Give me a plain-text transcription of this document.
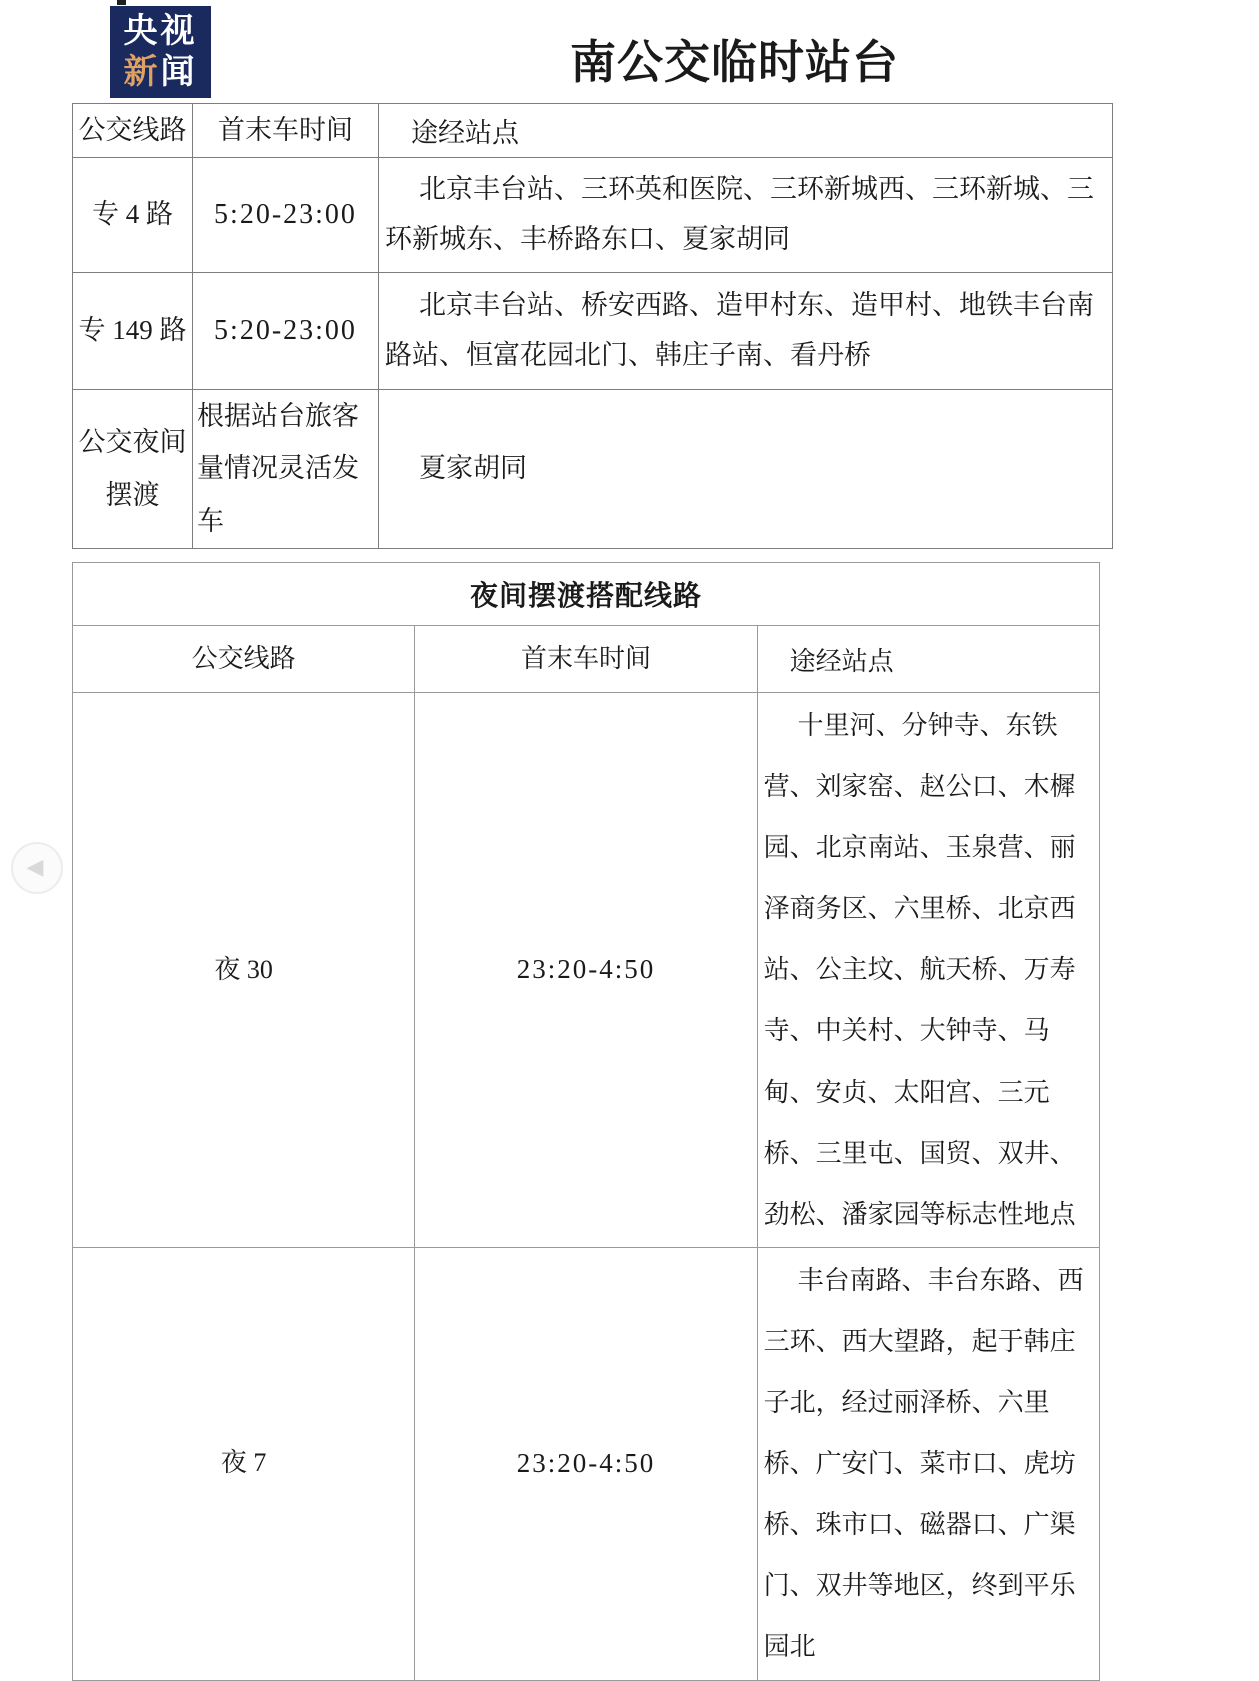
央视
新闻	南公交临时站台
公交线路	首末车时间	途经站点
专 4 路	5:20-23:00	北京丰台站、三环英和医院、三环新城西、三环新城、三环新城东、丰桥路东口、夏家胡同
专 149 路	5:20-23:00	北京丰台站、桥安西路、造甲村东、造甲村、地铁丰台南路站、恒富花园北门、韩庄子南、看丹桥
公交夜间摆渡	根据站台旅客量情况灵活发车	夏家胡同
夜间摆渡搭配线路		
公交线路	首末车时间	途经站点
夜 30	23:20-4:50	十里河、分钟寺、东铁营、刘家窑、赵公口、木樨园、北京南站、玉泉营、丽泽商务区、六里桥、北京西站、公主坟、航天桥、万寿寺、中关村、大钟寺、马甸、安贞、太阳宫、三元桥、三里屯、国贸、双井、劲松、潘家园等标志性地点
夜 7	23:20-4:50	丰台南路、丰台东路、西三环、西大望路，起于韩庄子北，经过丽泽桥、六里桥、广安门、菜市口、虎坊桥、珠市口、磁器口、广渠门、双井等地区，终到平乐园北
◀
